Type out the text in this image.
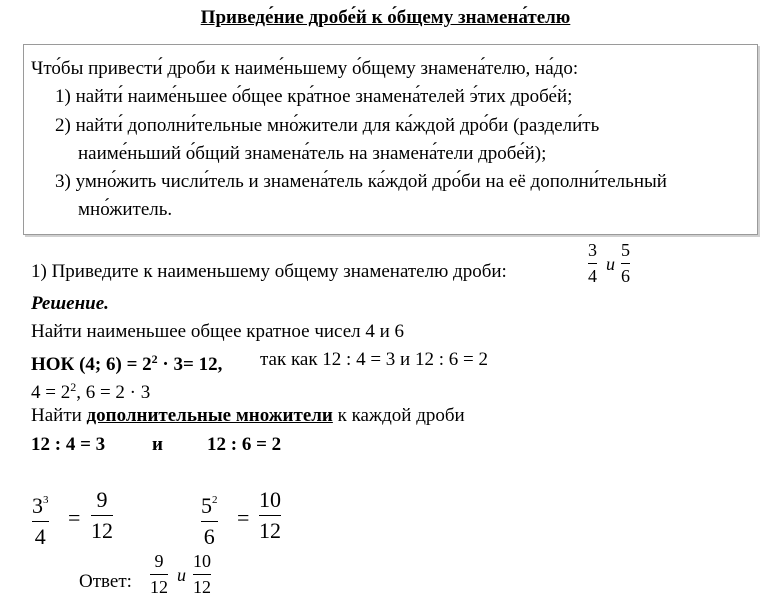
Приведе́ние дробе́й к о́бщему знамена́телю
Что́бы привести́ дроби к наиме́ньшему о́бщему знамена́телю, на́до:
1) найти́ наиме́ньшее о́бщее кра́тное знамена́телей э́тих дробе́й;
2) найти́ дополни́тельные мно́жители для ка́ждой дро́би (раздели́ть
наиме́ньший о́бщий знамена́тель на знамена́тели дробе́й);
3) умно́жить числи́тель и знамена́тель ка́ждой дро́би на её дополни́тельный
мно́житель.
1) Приведите к наименьшему общему знаменателю дроби:
3
4
и
5
6
Решение.
Найти наименьшее общее кратное чисел 4 и 6
НОК (4; $6) = 2^2 \cdot 3= 12$, так как 12 : 4 = 3 и 12 : 6 = 2
$4 = 2^2$, 6 = 2 · 3
Найти дополнительные множители к каждой дроби
12 : 4 = 3 и 12 : 6 = 2
$3^3$
4
=
9
12
$5^2$
6
=
10
12
Ответ:
9
12
и
10
12
